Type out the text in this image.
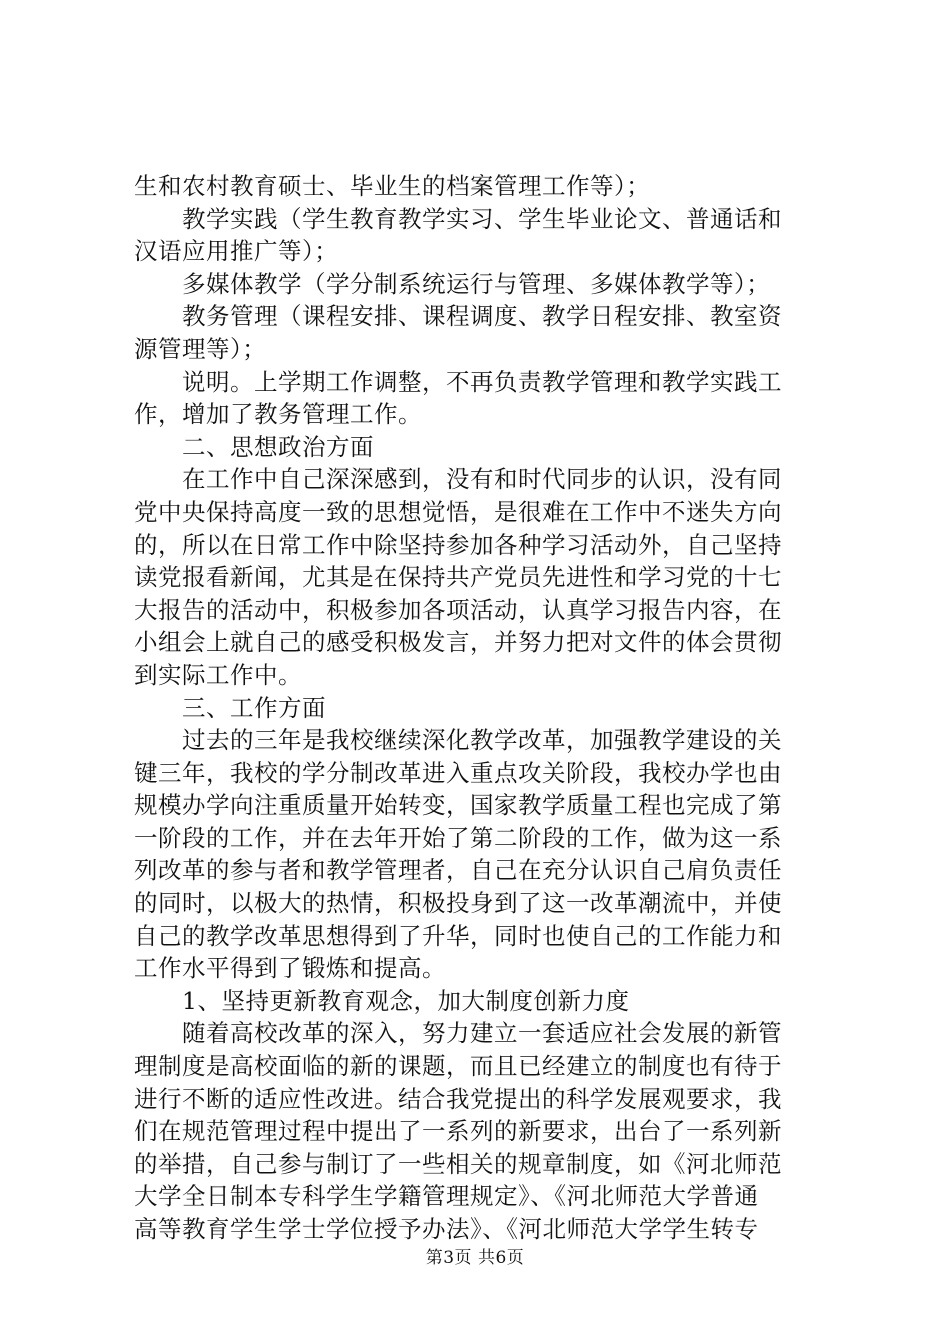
生和农村教育硕士、毕业生的档案管理工作等）；
教学实践（学生教育教学实习、学生毕业论文、普通话和
汉语应用推广等）；
多媒体教学（学分制系统运行与管理、多媒体教学等）；
教务管理（课程安排、课程调度、教学日程安排、教室资
源管理等）；
说明。上学期工作调整，不再负责教学管理和教学实践工
作，增加了教务管理工作。
二、思想政治方面
在工作中自己深深感到，没有和时代同步的认识，没有同
党中央保持高度一致的思想觉悟，是很难在工作中不迷失方向
的，所以在日常工作中除坚持参加各种学习活动外，自己坚持
读党报看新闻，尤其是在保持共产党员先进性和学习党的十七
大报告的活动中，积极参加各项活动，认真学习报告内容，在
小组会上就自己的感受积极发言，并努力把对文件的体会贯彻
到实际工作中。
三、工作方面
过去的三年是我校继续深化教学改革，加强教学建设的关
键三年，我校的学分制改革进入重点攻关阶段，我校办学也由
规模办学向注重质量开始转变，国家教学质量工程也完成了第
一阶段的工作，并在去年开始了第二阶段的工作，做为这一系
列改革的参与者和教学管理者，自己在充分认识自己肩负责任
的同时，以极大的热情，积极投身到了这一改革潮流中，并使
自己的教学改革思想得到了升华，同时也使自己的工作能力和
工作水平得到了锻炼和提高。
1、坚持更新教育观念，加大制度创新力度
随着高校改革的深入，努力建立一套适应社会发展的新管
理制度是高校面临的新的课题，而且已经建立的制度也有待于
进行不断的适应性改进。结合我党提出的科学发展观要求，我
们在规范管理过程中提出了一系列的新要求，出台了一系列新
的举措，自己参与制订了一些相关的规章制度，如《河北师范
大学全日制本专科学生学籍管理规定》、《河北师范大学普通
高等教育学生学士学位授予办法》、《河北师范大学学生转专
第3页 共6页
